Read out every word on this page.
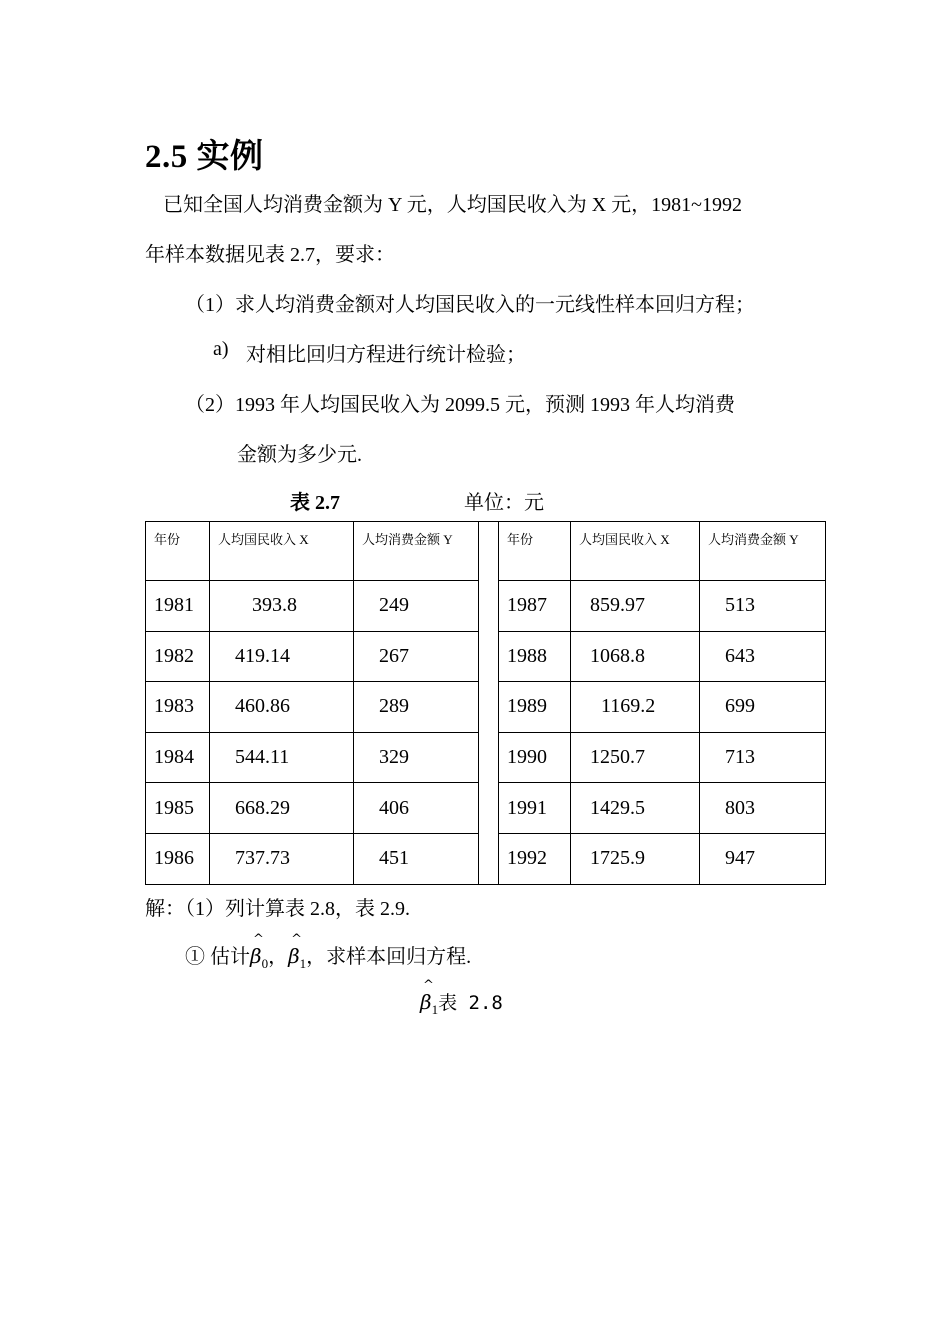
2.5 实例
已知全国人均消费金额为 Y 元，人均国民收入为 X 元，1981~1992
年样本数据见表 2.7，要求：
（1）求人均消费金额对人均国民收入的一元线性样本回归方程；
a) 对相比回归方程进行统计检验；
（2）1993 年人均国民收入为 2099.5 元，预测 1993 年人均消费
金额为多少元.
表 2.7	单位：元
年份	人均国民收入 X	人均消费金额 Y		年份	人均国民收入 X	人均消费金额 Y
1981	393.8	249		1987	859.97	513
1982	419.14	267		1988	1068.8	643
1983	460.86	289		1989	1169.2	699
1984	544.11	329		1990	1250.7	713
1985	668.29	406		1991	1429.5	803
1986	737.73	451		1992	1725.9	947
解：（1）列计算表 2.8，表 2.9.
① 估计^ $\beta_0$，^ $\beta_1$，求样本回归方程.
^ $\beta_1$表 2.8
